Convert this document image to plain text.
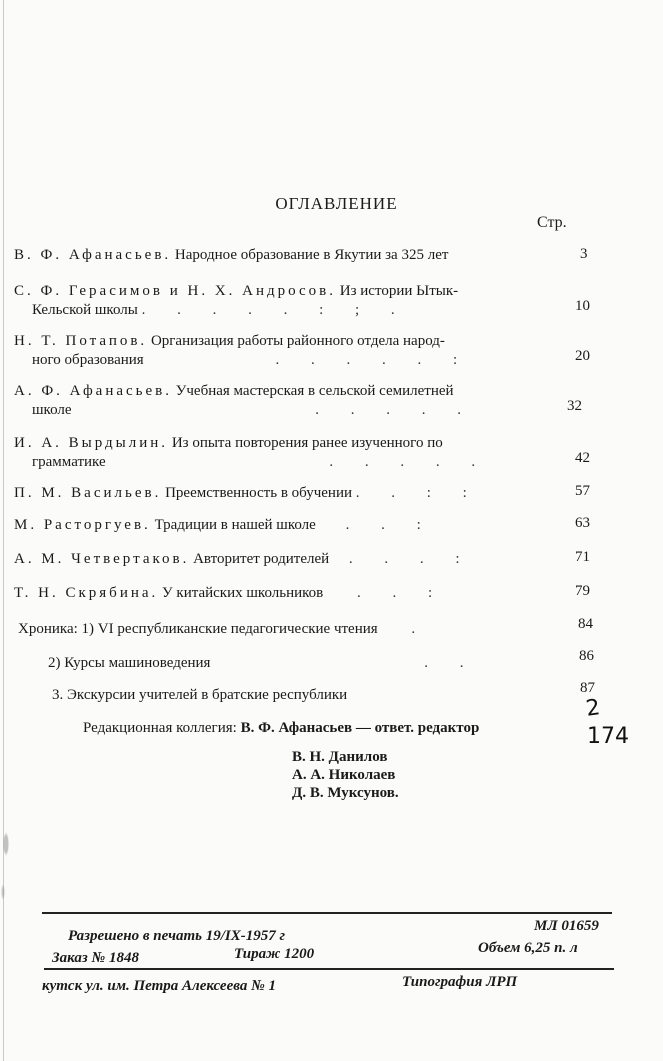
ОГЛАВЛЕНИЕ
Стр.
В. Ф. Афанасьев. Народное образование в Якутии за 325 лет	3
С. Ф. Герасимов и Н. Х. Андросов. Из истории Ытык-
Кельской школы . . . . . : ; .	10
Н. Т. Потапов. Организация работы районного отдела народ-
ного образования	. . . . . :	20
А. Ф. Афанасьев. Учебная мастерская в сельской семилетней
школе	. . . . .	32
И. А. Вырдылин. Из опыта повторения ранее изученного по
грамматике	. . . . .	42
П. М. Васильев. Преемственность в обучении . . : :	57
М. Расторгуев. Традиции в нашей школе . . :	63
А. М. Четвертаков. Авторитет родителей . . . :	71
Т. Н. Скрябина. У китайских школьников . . :	79
Хроника: 1) VI республиканские педагогические чтения .	84
2) Курсы машиноведения	. .	86
3. Экскурсии учителей в братские республики	87
2
174
Редакционная коллегия: В. Ф. Афанасьев — ответ. редактор
В. Н. Данилов
А. А. Николаев
Д. В. Муксунов.
Разрешено в печать 19/IX-1957 г
МЛ 01659
Заказ № 1848	Тираж 1200	Объем 6,25 п. л
кутск ул. им. Петра Алексеева № 1	Типография ЛРП
